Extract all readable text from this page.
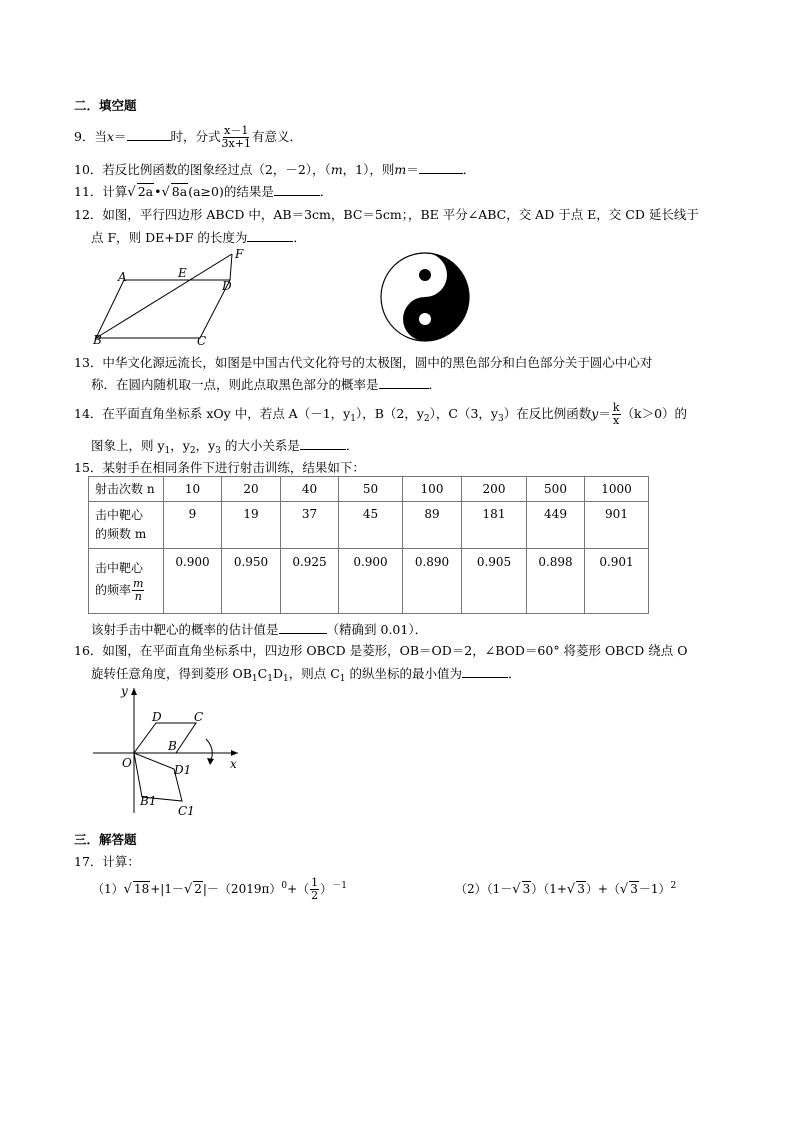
二．填空题
9．当x＝	时，分式 $\frac{x-1}{3x+1}$ 有意义．
10．若反比例函数的图象经过点（2，－2），（m，1），则m＝	．
11．计算√ 2a•√ 8a(a≥0)的结果是	．
12．如图，平行四边形 ABCD 中，AB＝3cm，BC＝5cm；，BE 平分∠ABC，交 AD 于点 E，交 CD 延长线于
点 F，则 DE+DF 的长度为	．
A	E
F
D
B	C
13．中华文化源远流长，如图是中国古代文化符号的太极图，圆中的黑色部分和白色部分关于圆心中心对
称．在圆内随机取一点，则此点取黑色部分的概率是	．
14．在平面直角坐标系 xOy 中，若点 A（－1，$y_1$），B（2，$y_2$），C（3，$y_3$）在反比例函数$y= \frac{k}{x} (k>0)$的
图象上，则 $y_1$，$y_2$，$y_3$ 的大小关系是	．
15．某射手在相同条件下进行射击训练，结果如下：
射击次数 n	10	20	40	50	100	200	500	1000
击中靶心
的频数 m	9	19	37	45	89	181	449	901
击中靶心
的频率 $\frac{m}{n}$	0.900	0.950	0.925	0.900	0.890	0.905	0.898	0.901
该射手击中靶心的概率的估计值是	（精确到 0.01）．
16．如图，在平面直角坐标系中，四边形 OBCD 是菱形，OB＝OD＝2，∠BOD＝60° 将菱形 OBCD 绕点 O
旋转任意角度，得到菱形 $OB_1C_1D_1$，则点 $C_1$ 的纵坐标的最小值为	．
y
x
O
D	C
B
D1
B1
C1
三．解答题
17．计算：
（1）√ 18+|1－√ $2|-(2019\pi)^0+( \frac{1}{2} )^{-1}$	（2）（1－√ 3）（1+√ 3）+（√ 3－1）$^2$
